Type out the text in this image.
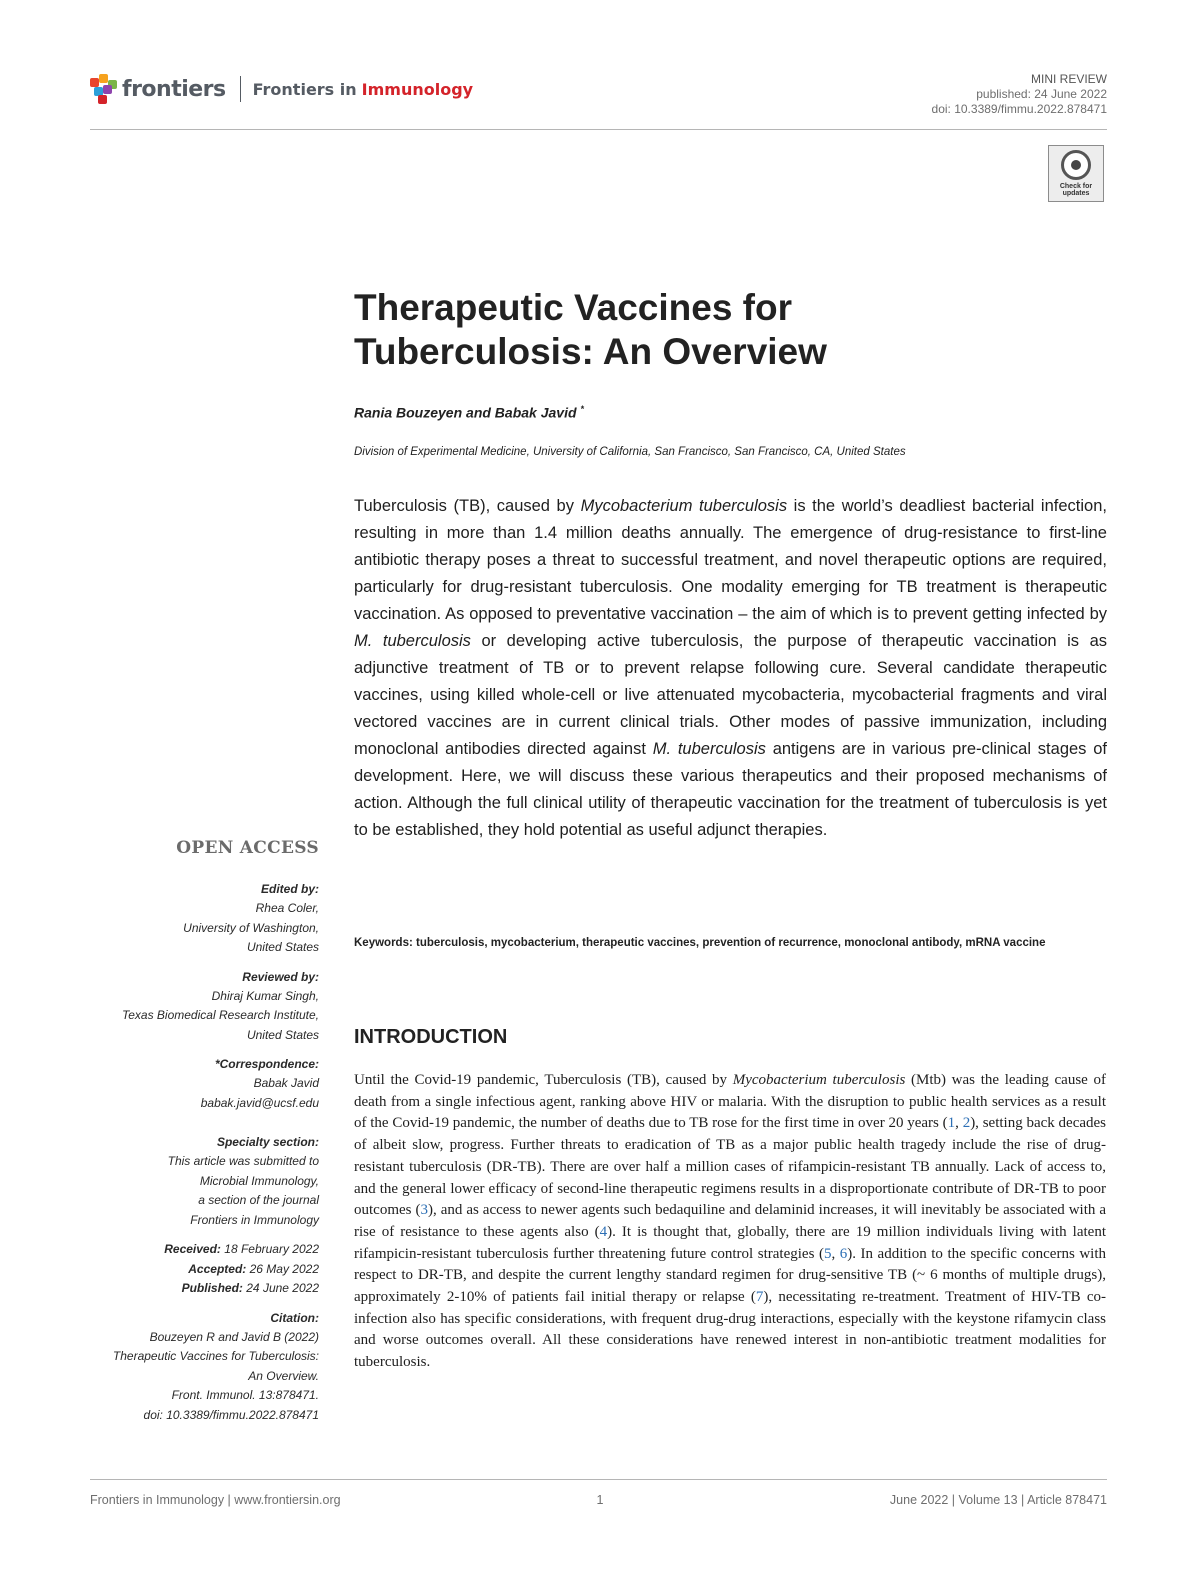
frontiers Frontiers in Immunology
MINI REVIEW
published: 24 June 2022
doi: 10.3389/fimmu.2022.878471
Check for
updates
Therapeutic Vaccines for
Tuberculosis: An Overview
Rania Bouzeyen and Babak Javid *
Division of Experimental Medicine, University of California, San Francisco, San Francisco, CA, United States
Tuberculosis (TB), caused by Mycobacterium tuberculosis is the world’s deadliest bacterial infection, resulting in more than 1.4 million deaths annually. The emergence of drug-resistance to first-line antibiotic therapy poses a threat to successful treatment, and novel therapeutic options are required, particularly for drug-resistant tuberculosis. One modality emerging for TB treatment is therapeutic vaccination. As opposed to preventative vaccination – the aim of which is to prevent getting infected by M. tuberculosis or developing active tuberculosis, the purpose of therapeutic vaccination is as adjunctive treatment of TB or to prevent relapse following cure. Several candidate therapeutic vaccines, using killed whole-cell or live attenuated mycobacteria, mycobacterial fragments and viral vectored vaccines are in current clinical trials. Other modes of passive immunization, including monoclonal antibodies directed against M. tuberculosis antigens are in various pre-clinical stages of development. Here, we will discuss these various therapeutics and their proposed mechanisms of action. Although the full clinical utility of therapeutic vaccination for the treatment of tuberculosis is yet to be established, they hold potential as useful adjunct therapies.
Keywords: tuberculosis, mycobacterium, therapeutic vaccines, prevention of recurrence, monoclonal antibody, mRNA vaccine
INTRODUCTION
Until the Covid-19 pandemic, Tuberculosis (TB), caused by Mycobacterium tuberculosis (Mtb) was the leading cause of death from a single infectious agent, ranking above HIV or malaria. With the disruption to public health services as a result of the Covid-19 pandemic, the number of deaths due to TB rose for the first time in over 20 years (1, 2), setting back decades of albeit slow, progress. Further threats to eradication of TB as a major public health tragedy include the rise of drug-resistant tuberculosis (DR-TB). There are over half a million cases of rifampicin-resistant TB annually. Lack of access to, and the general lower efficacy of second-line therapeutic regimens results in a disproportionate contribute of DR-TB to poor outcomes (3), and as access to newer agents such bedaquiline and delaminid increases, it will inevitably be associated with a rise of resistance to these agents also (4). It is thought that, globally, there are 19 million individuals living with latent rifampicin-resistant tuberculosis further threatening future control strategies (5, 6). In addition to the specific concerns with respect to DR-TB, and despite the current lengthy standard regimen for drug-sensitive TB (~ 6 months of multiple drugs), approximately 2-10% of patients fail initial therapy or relapse (7), necessitating re-treatment. Treatment of HIV-TB co-infection also has specific considerations, with frequent drug-drug interactions, especially with the keystone rifamycin class and worse outcomes overall. All these considerations have renewed interest in non-antibiotic treatment modalities for tuberculosis.
OPEN ACCESS
Edited by:
Rhea Coler,
University of Washington,
United States
Reviewed by:
Dhiraj Kumar Singh,
Texas Biomedical Research Institute,
United States
*Correspondence:
Babak Javid
babak.javid@ucsf.edu
Specialty section:
This article was submitted to
Microbial Immunology,
a section of the journal
Frontiers in Immunology
Received: 18 February 2022
Accepted: 26 May 2022
Published: 24 June 2022
Citation:
Bouzeyen R and Javid B (2022)
Therapeutic Vaccines for Tuberculosis:
An Overview.
Front. Immunol. 13:878471.
doi: 10.3389/fimmu.2022.878471
Frontiers in Immunology | www.frontiersin.org	1	June 2022 | Volume 13 | Article 878471
